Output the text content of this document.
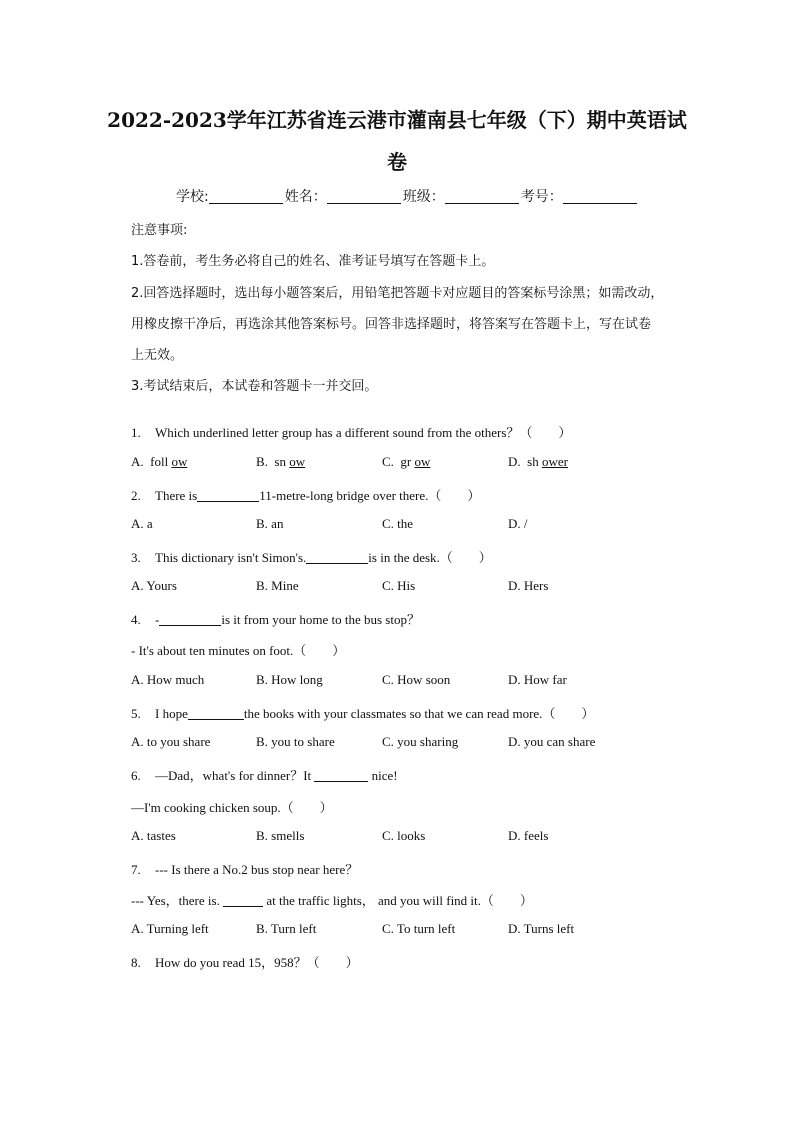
2022-2023学年江苏省连云港市灌南县七年级（下）期中英语试
卷
学校:	姓名：	班级：	考号：
注意事项:
1.答卷前，考生务必将自己的姓名、准考证号填写在答题卡上。
2.回答选择题时，选出每小题答案后，用铅笔把答题卡对应题目的答案标号涂黑；如需改动，
用橡皮擦干净后，再选涂其他答案标号。回答非选择题时，将答案写在答题卡上，写在试卷
上无效。
3.考试结束后，本试卷和答题卡一并交回。
1. Which underlined letter group has a different sound from the others？（　　）
A. foll ow	B. sn ow	C. gr ow	D. sh ower
2. There is	11-metre-long bridge over there.（　　）
A. a	B. an	C. the	D. /
3. This dictionary isn't Simon's.	is in the desk.（　　）
A. Yours	B. Mine	C. His	D. Hers
4. -	is it from your home to the bus stop？
- It's about ten minutes on foot.（　　）
A. How much	B. How long	C. How soon	D. How far
5. I hope	the books with your classmates so that we can read more.（　　）
A. to you share	B. you to share	C. you sharing	D. you can share
6. —Dad，what's for dinner？It	nice!
—I'm cooking chicken soup.（　　）
A. tastes	B. smells	C. looks	D. feels
7. --- Is there a No.2 bus stop near here？
--- Yes，there is.	at the traffic lights， and you will find it.（　　）
A. Turning left	B. Turn left	C. To turn left	D. Turns left
8. How do you read 15，958？（　　）
